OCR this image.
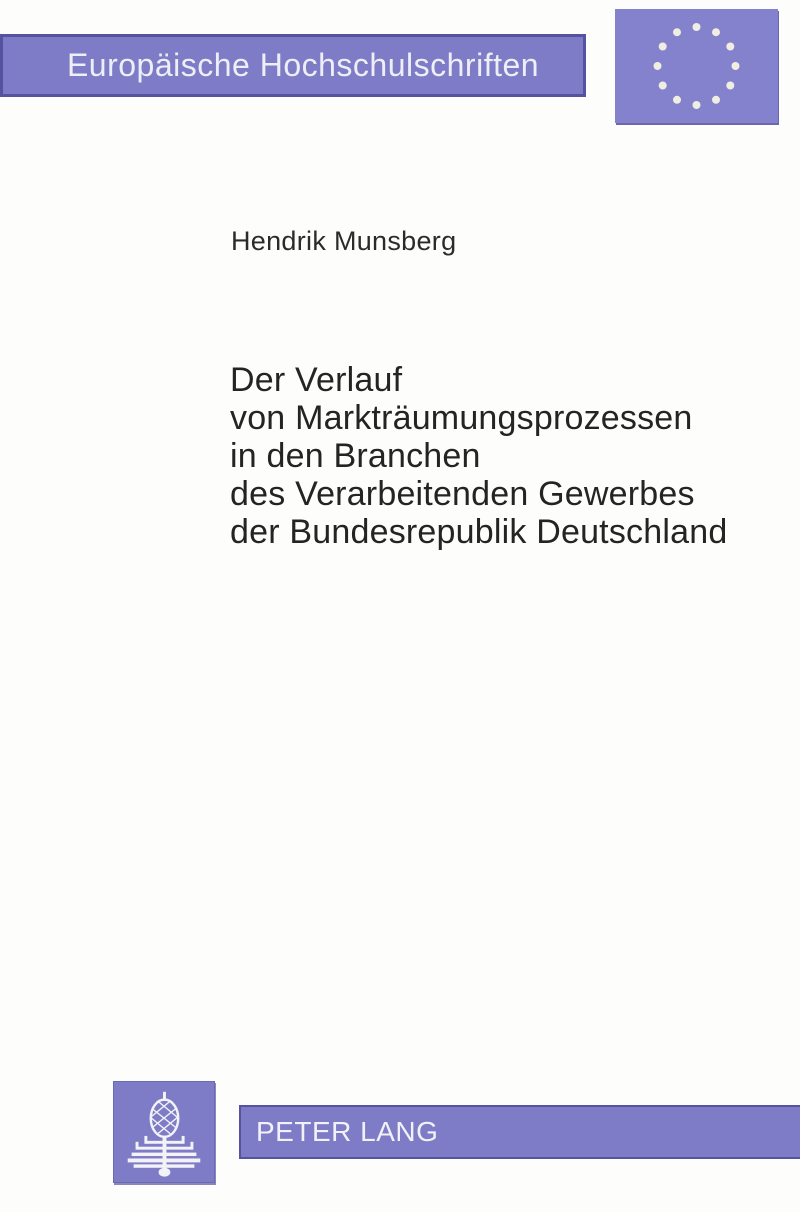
Europäische Hochschulschriften
Hendrik Munsberg
Der Verlauf
von Markträumungsprozessen
in den Branchen
des Verarbeitenden Gewerbes
der Bundesrepublik Deutschland
PETER LANG
